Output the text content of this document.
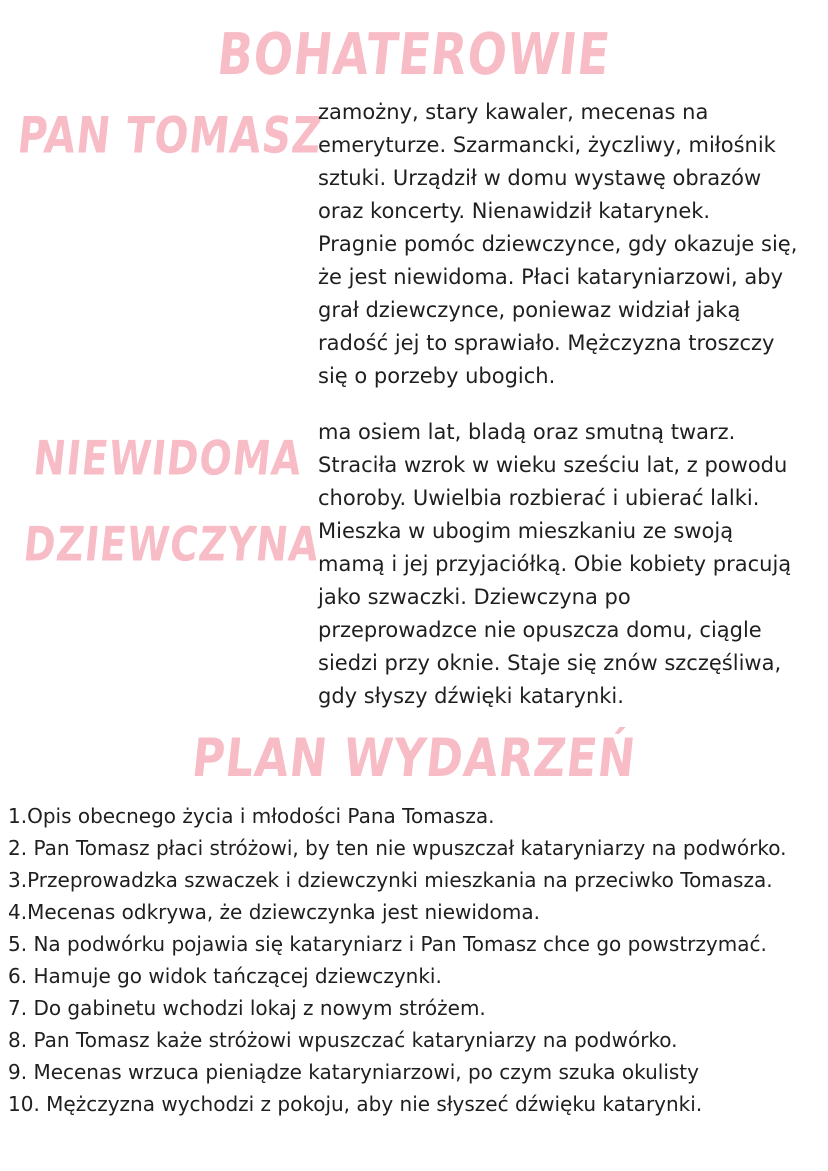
BOHATEROWIE
PAN TOMASZ
zamożny, stary kawaler, mecenas na
emeryturze. Szarmancki, życzliwy, miłośnik
sztuki. Urządził w domu wystawę obrazów
oraz koncerty. Nienawidził katarynek.
Pragnie pomóc dziewczynce, gdy okazuje się,
że jest niewidoma. Płaci kataryniarzowi, aby
grał dziewczynce, poniewaz widział jaką
radość jej to sprawiało. Mężczyzna troszczy
się o porzeby ubogich.
NIEWIDOMA
DZIEWCZYNA
ma osiem lat, bladą oraz smutną twarz.
Straciła wzrok w wieku sześciu lat, z powodu
choroby. Uwielbia rozbierać i ubierać lalki.
Mieszka w ubogim mieszkaniu ze swoją
mamą i jej przyjaciółką. Obie kobiety pracują
jako szwaczki. Dziewczyna po
przeprowadzce nie opuszcza domu, ciągle
siedzi przy oknie. Staje się znów szczęśliwa,
gdy słyszy dźwięki katarynki.
PLAN WYDARZEŃ
1.Opis obecnego życia i młodości Pana Tomasza.
2. Pan Tomasz płaci stróżowi, by ten nie wpuszczał kataryniarzy na podwórko.
3.Przeprowadzka szwaczek i dziewczynki mieszkania na przeciwko Tomasza.
4.Mecenas odkrywa, że dziewczynka jest niewidoma.
5. Na podwórku pojawia się kataryniarz i Pan Tomasz chce go powstrzymać.
6. Hamuje go widok tańczącej dziewczynki.
7. Do gabinetu wchodzi lokaj z nowym stróżem.
8. Pan Tomasz każe stróżowi wpuszczać kataryniarzy na podwórko.
9. Mecenas wrzuca pieniądze kataryniarzowi, po czym szuka okulisty
10. Mężczyzna wychodzi z pokoju, aby nie słyszeć dźwięku katarynki.
